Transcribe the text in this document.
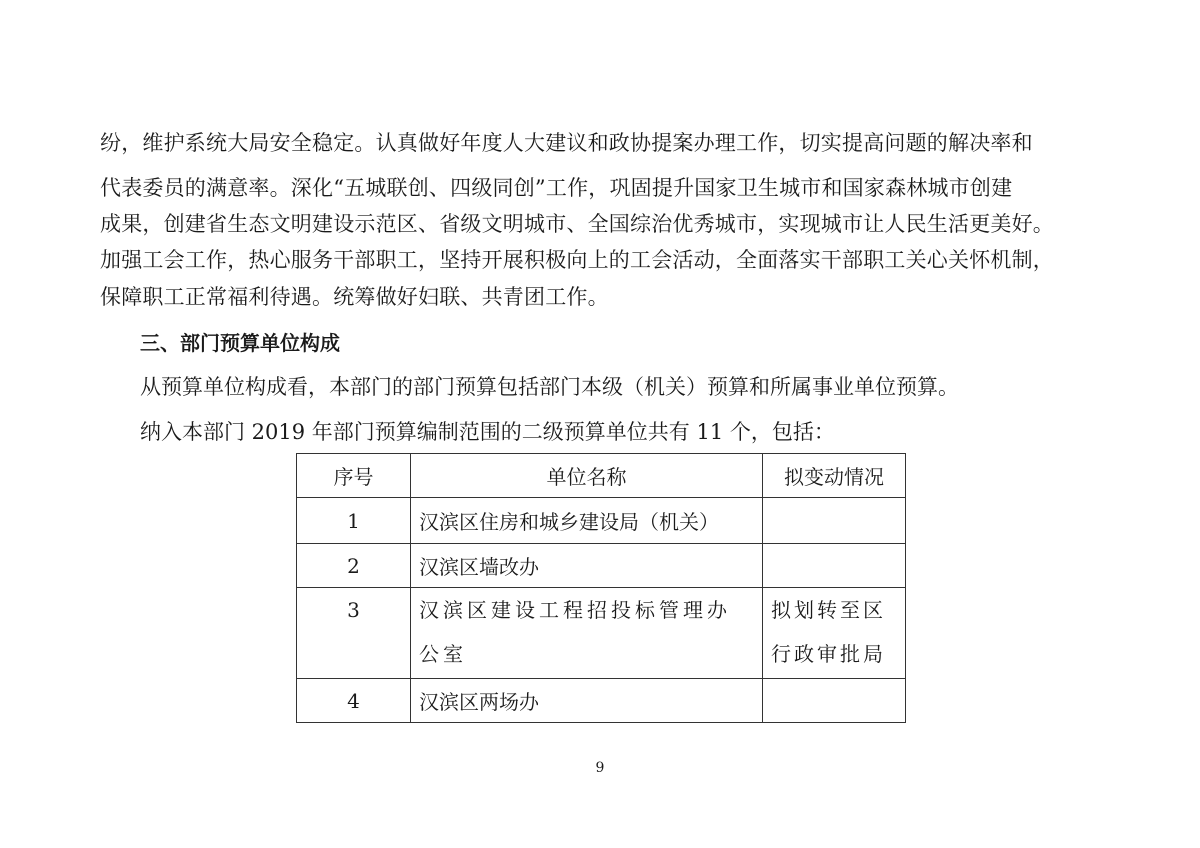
纷，维护系统大局安全稳定。认真做好年度人大建议和政协提案办理工作，切实提高问题的解决率和
代表委员的满意率。深化“五城联创、四级同创”工作，巩固提升国家卫生城市和国家森林城市创建
成果，创建省生态文明建设示范区、省级文明城市、全国综治优秀城市，实现城市让人民生活更美好。
加强工会工作，热心服务干部职工，坚持开展积极向上的工会活动，全面落实干部职工关心关怀机制，
保障职工正常福利待遇。统筹做好妇联、共青团工作。
三、部门预算单位构成
从预算单位构成看，本部门的部门预算包括部门本级（机关）预算和所属事业单位预算。
纳入本部门 2019 年部门预算编制范围的二级预算单位共有 11 个，包括：
序号	单位名称	拟变动情况
1	汉滨区住房和城乡建设局（机关）	
2	汉滨区墙改办	
3	汉滨区建设工程招投标管理办公室	拟划转至区行政审批局
4	汉滨区两场办	
9
